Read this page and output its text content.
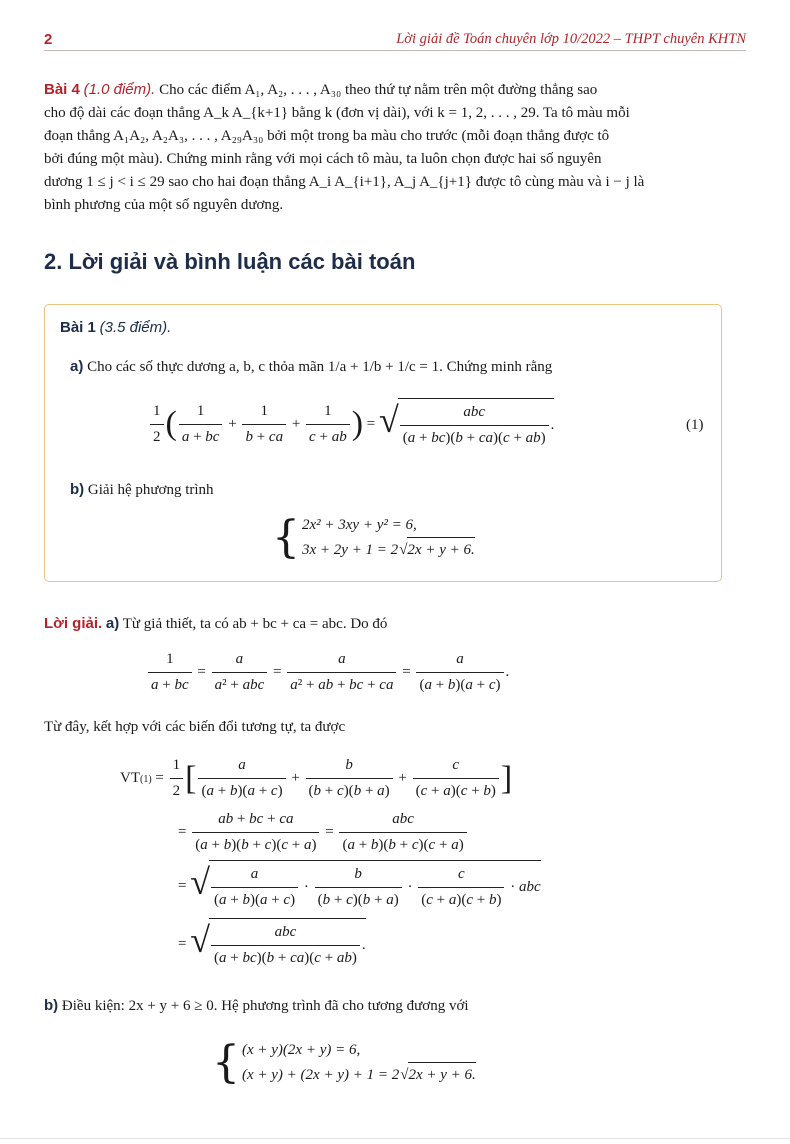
2	Lời giải đề Toán chuyên lớp 10/2022 – THPT chuyên KHTN
Bài 4 (1.0 điểm). Cho các điểm A₁, A₂, . . . , A₃₀ theo thứ tự nằm trên một đường thẳng sao
cho độ dài các đoạn thẳng A_k A_{k+1} bằng k (đơn vị dài), với k = 1, 2, . . . , 29. Ta tô màu mỗi
đoạn thẳng A₁A₂, A₂A₃, . . . , A₂₉A₃₀ bởi một trong ba màu cho trước (mỗi đoạn thẳng được tô
bởi đúng một màu). Chứng minh rằng với mọi cách tô màu, ta luôn chọn được hai số nguyên
dương 1 ≤ j < i ≤ 29 sao cho hai đoạn thẳng A_i A_{i+1}, A_j A_{j+1} được tô cùng màu và i − j là
bình phương của một số nguyên dương.
2. Lời giải và bình luận các bài toán
Bài 1 (3.5 điểm).
a) Cho các số thực dương a, b, c thỏa mãn 1/a + 1/b + 1/c = 1. Chứng minh rằng
$\frac{1}{2}$ ( $\frac{1}{a + bc} + \frac{1}{b + ca} + \frac{1}{c + ab}$ ) = √ $\frac{\text{abc}}{(a + bc)(b + ca)(c + ab)}$ .	(1)
b) Giải hệ phương trình
{ 2x² + 3xy + y² = 6,
3x + 2y + 1 = 2 √ 2x + y + 6.
Lời giải. a) Từ giả thiết, ta có ab + bc + ca = abc. Do đó
$\frac{1}{a + bc} = \frac{a}{\text{a² + abc}} = \frac{a}{\text{a² + ab + bc + ca}} = \frac{a}{(a + b)(a + c)}$ .
Từ đây, kết hợp với các biến đổi tương tự, ta được
$VT(1) = \frac{1}{2}$ [ $\frac{a}{(a + b)(a + c)} + \frac{b}{(b + c)(b + a)} + \frac{c}{(c + a)(c + b)}$ ]
= $\frac{ab + bc + ca}{(a + b)(b + c)(c + a)} = \frac{\text{abc}}{(a + b)(b + c)(c + a)}$
= √ $\frac{a}{(a + b)(a + c)} \cdot \frac{b}{(b + c)(b + a)} \cdot \frac{c}{(c + a)(c + b)}$ · abc
= √ $\frac{\text{abc}}{(a + bc)(b + ca)(c + ab)}$ .
b) Điều kiện: 2x + y + 6 ≥ 0. Hệ phương trình đã cho tương đương với
{ (x + y)(2x + y) = 6,
(x + y) + (2x + y) + 1 = 2 √ 2x + y + 6.
